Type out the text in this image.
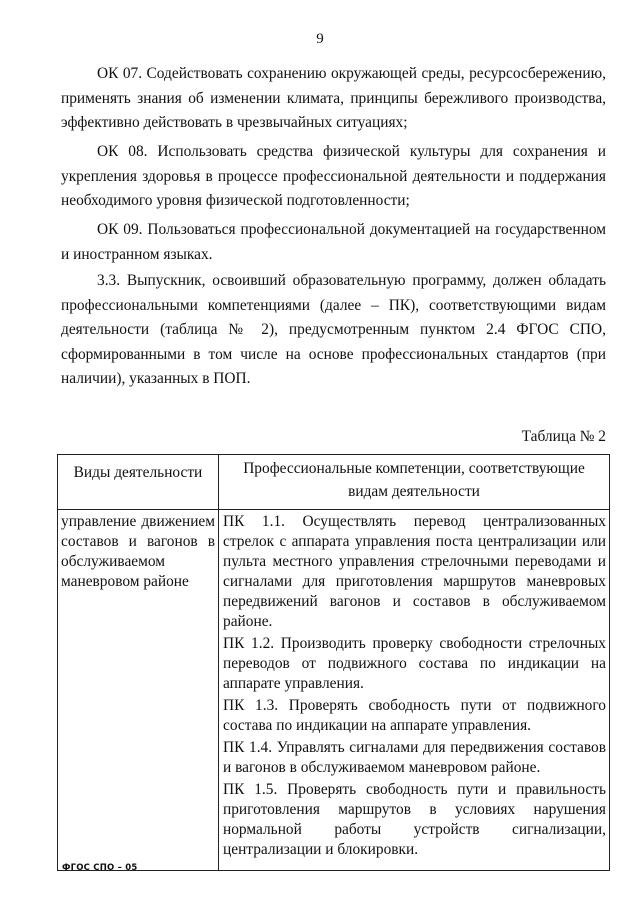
9

ОК 07. Содействовать сохранению окружающей среды, ресурсосбережению, применять знания об изменении климата, принципы бережливого производства, эффективно действовать в чрезвычайных ситуациях;

ОК 08. Использовать средства физической культуры для сохранения и укрепления здоровья в процессе профессиональной деятельности и поддержания необходимого уровня физической подготовленности;

ОК 09. Пользоваться профессиональной документацией на государственном и иностранном языках.

3.3. Выпускник, освоивший образовательную программу, должен обладать профессиональными компетенциями (далее – ПК), соответствующими видам деятельности (таблица № 2), предусмотренным пунктом 2.4 ФГОС СПО, сформированными в том числе на основе профессиональных стандартов (при наличии), указанных в ПОП.

Таблица № 2
Виды деятельности	Профессиональные компетенции, соответствующие видам деятельности
управление движением составов и вагонов в обслуживаемом маневровом районе	ПК 1.1. Осуществлять перевод централизованных стрелок с аппарата управления поста централизации или пульта местного управления стрелочными переводами и сигналами для приготовления маршрутов маневровых передвижений вагонов и составов в обслуживаемом районе.

ПК 1.2. Производить проверку свободности стрелочных переводов от подвижного состава по индикации на аппарате управления.

ПК 1.3. Проверять свободность пути от подвижного состава по индикации на аппарате управления.

ПК 1.4. Управлять сигналами для передвижения составов и вагонов в обслуживаемом маневровом районе.

ПК 1.5. Проверять свободность пути и правильность приготовления маршрутов в условиях нарушения нормальной работы устройств сигнализации, централизации и блокировки.

ФГОС СПО – 05
